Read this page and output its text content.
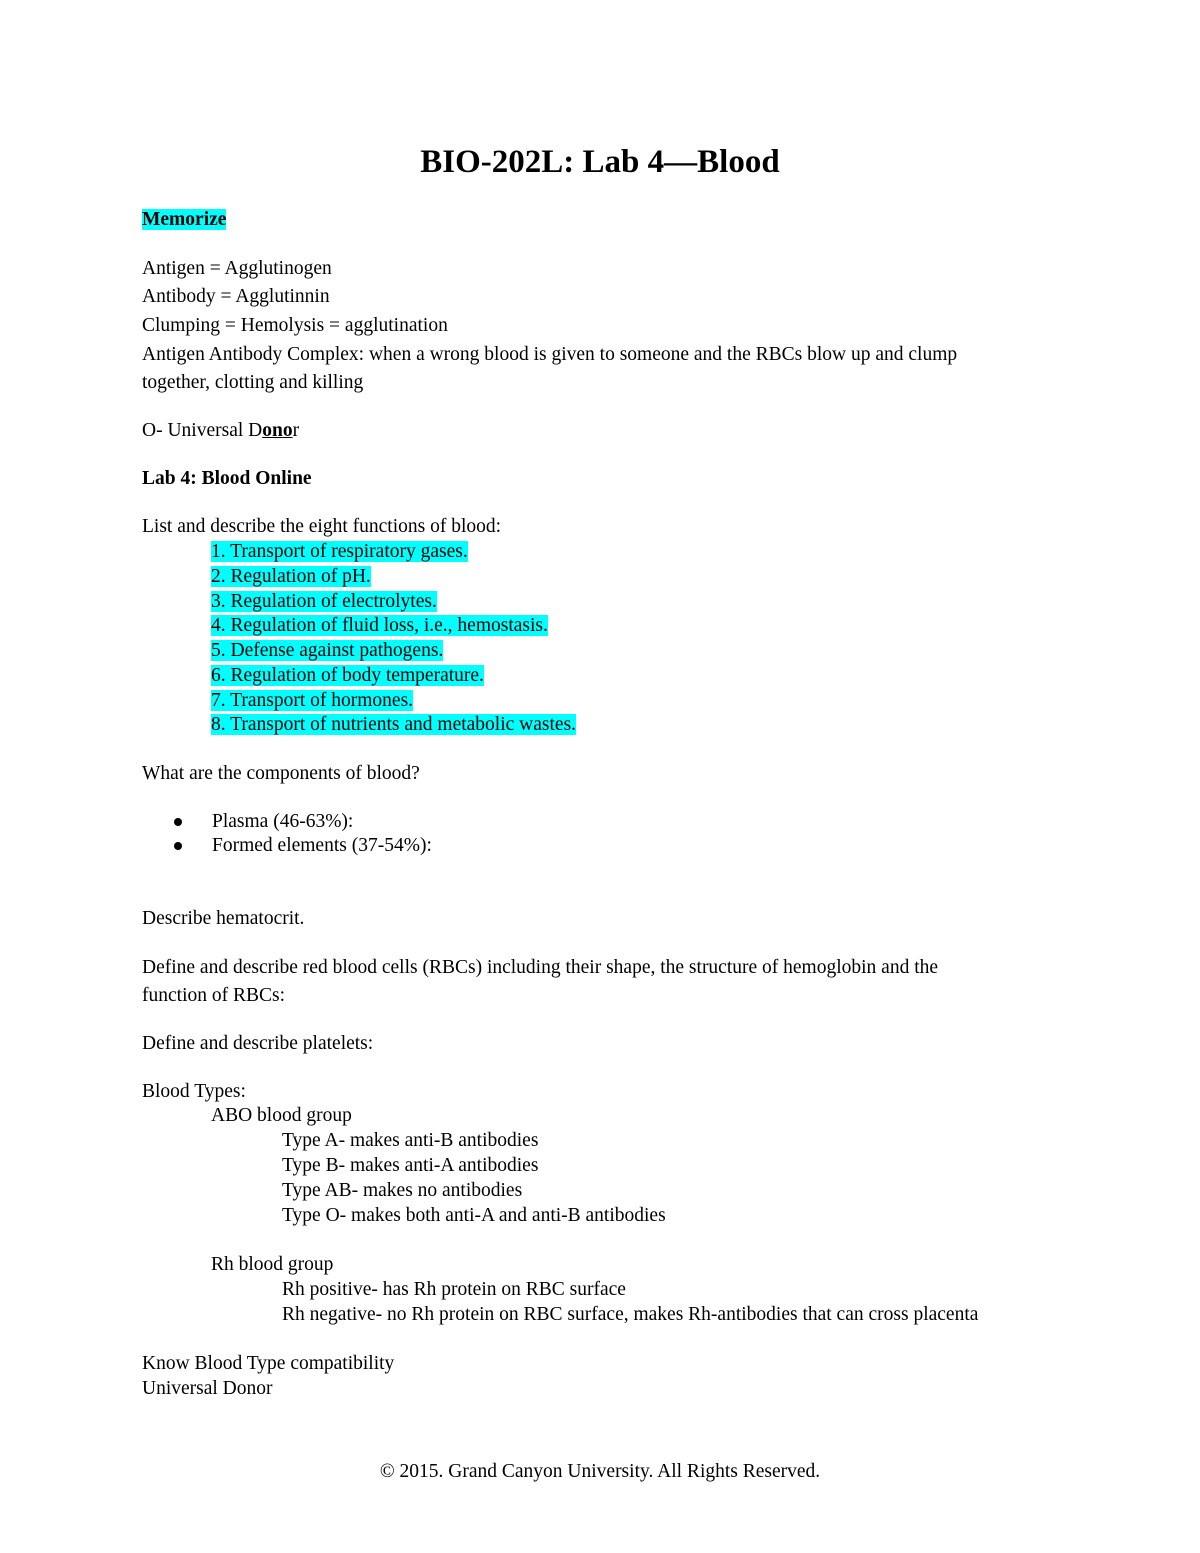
BIO-202L: Lab 4—Blood
Memorize
Antigen = Agglutinogen
Antibody = Agglutinnin
Clumping = Hemolysis = agglutination
Antigen Antibody Complex: when a wrong blood is given to someone and the RBCs blow up and clump
together, clotting and killing
O- Universal Donor
Lab 4: Blood Online
List and describe the eight functions of blood:
1. Transport of respiratory gases.
2. Regulation of pH.
3. Regulation of electrolytes.
4. Regulation of fluid loss, i.e., hemostasis.
5. Defense against pathogens.
6. Regulation of body temperature.
7. Transport of hormones.
8. Transport of nutrients and metabolic wastes.
What are the components of blood?
Plasma (46-63%):
Formed elements (37-54%):
Describe hematocrit.
Define and describe red blood cells (RBCs) including their shape, the structure of hemoglobin and the
function of RBCs:
Define and describe platelets:
Blood Types:
ABO blood group
Type A- makes anti-B antibodies
Type B- makes anti-A antibodies
Type AB- makes no antibodies
Type O- makes both anti-A and anti-B antibodies
Rh blood group
Rh positive- has Rh protein on RBC surface
Rh negative- no Rh protein on RBC surface, makes Rh-antibodies that can cross placenta
Know Blood Type compatibility
Universal Donor
© 2015. Grand Canyon University. All Rights Reserved.
